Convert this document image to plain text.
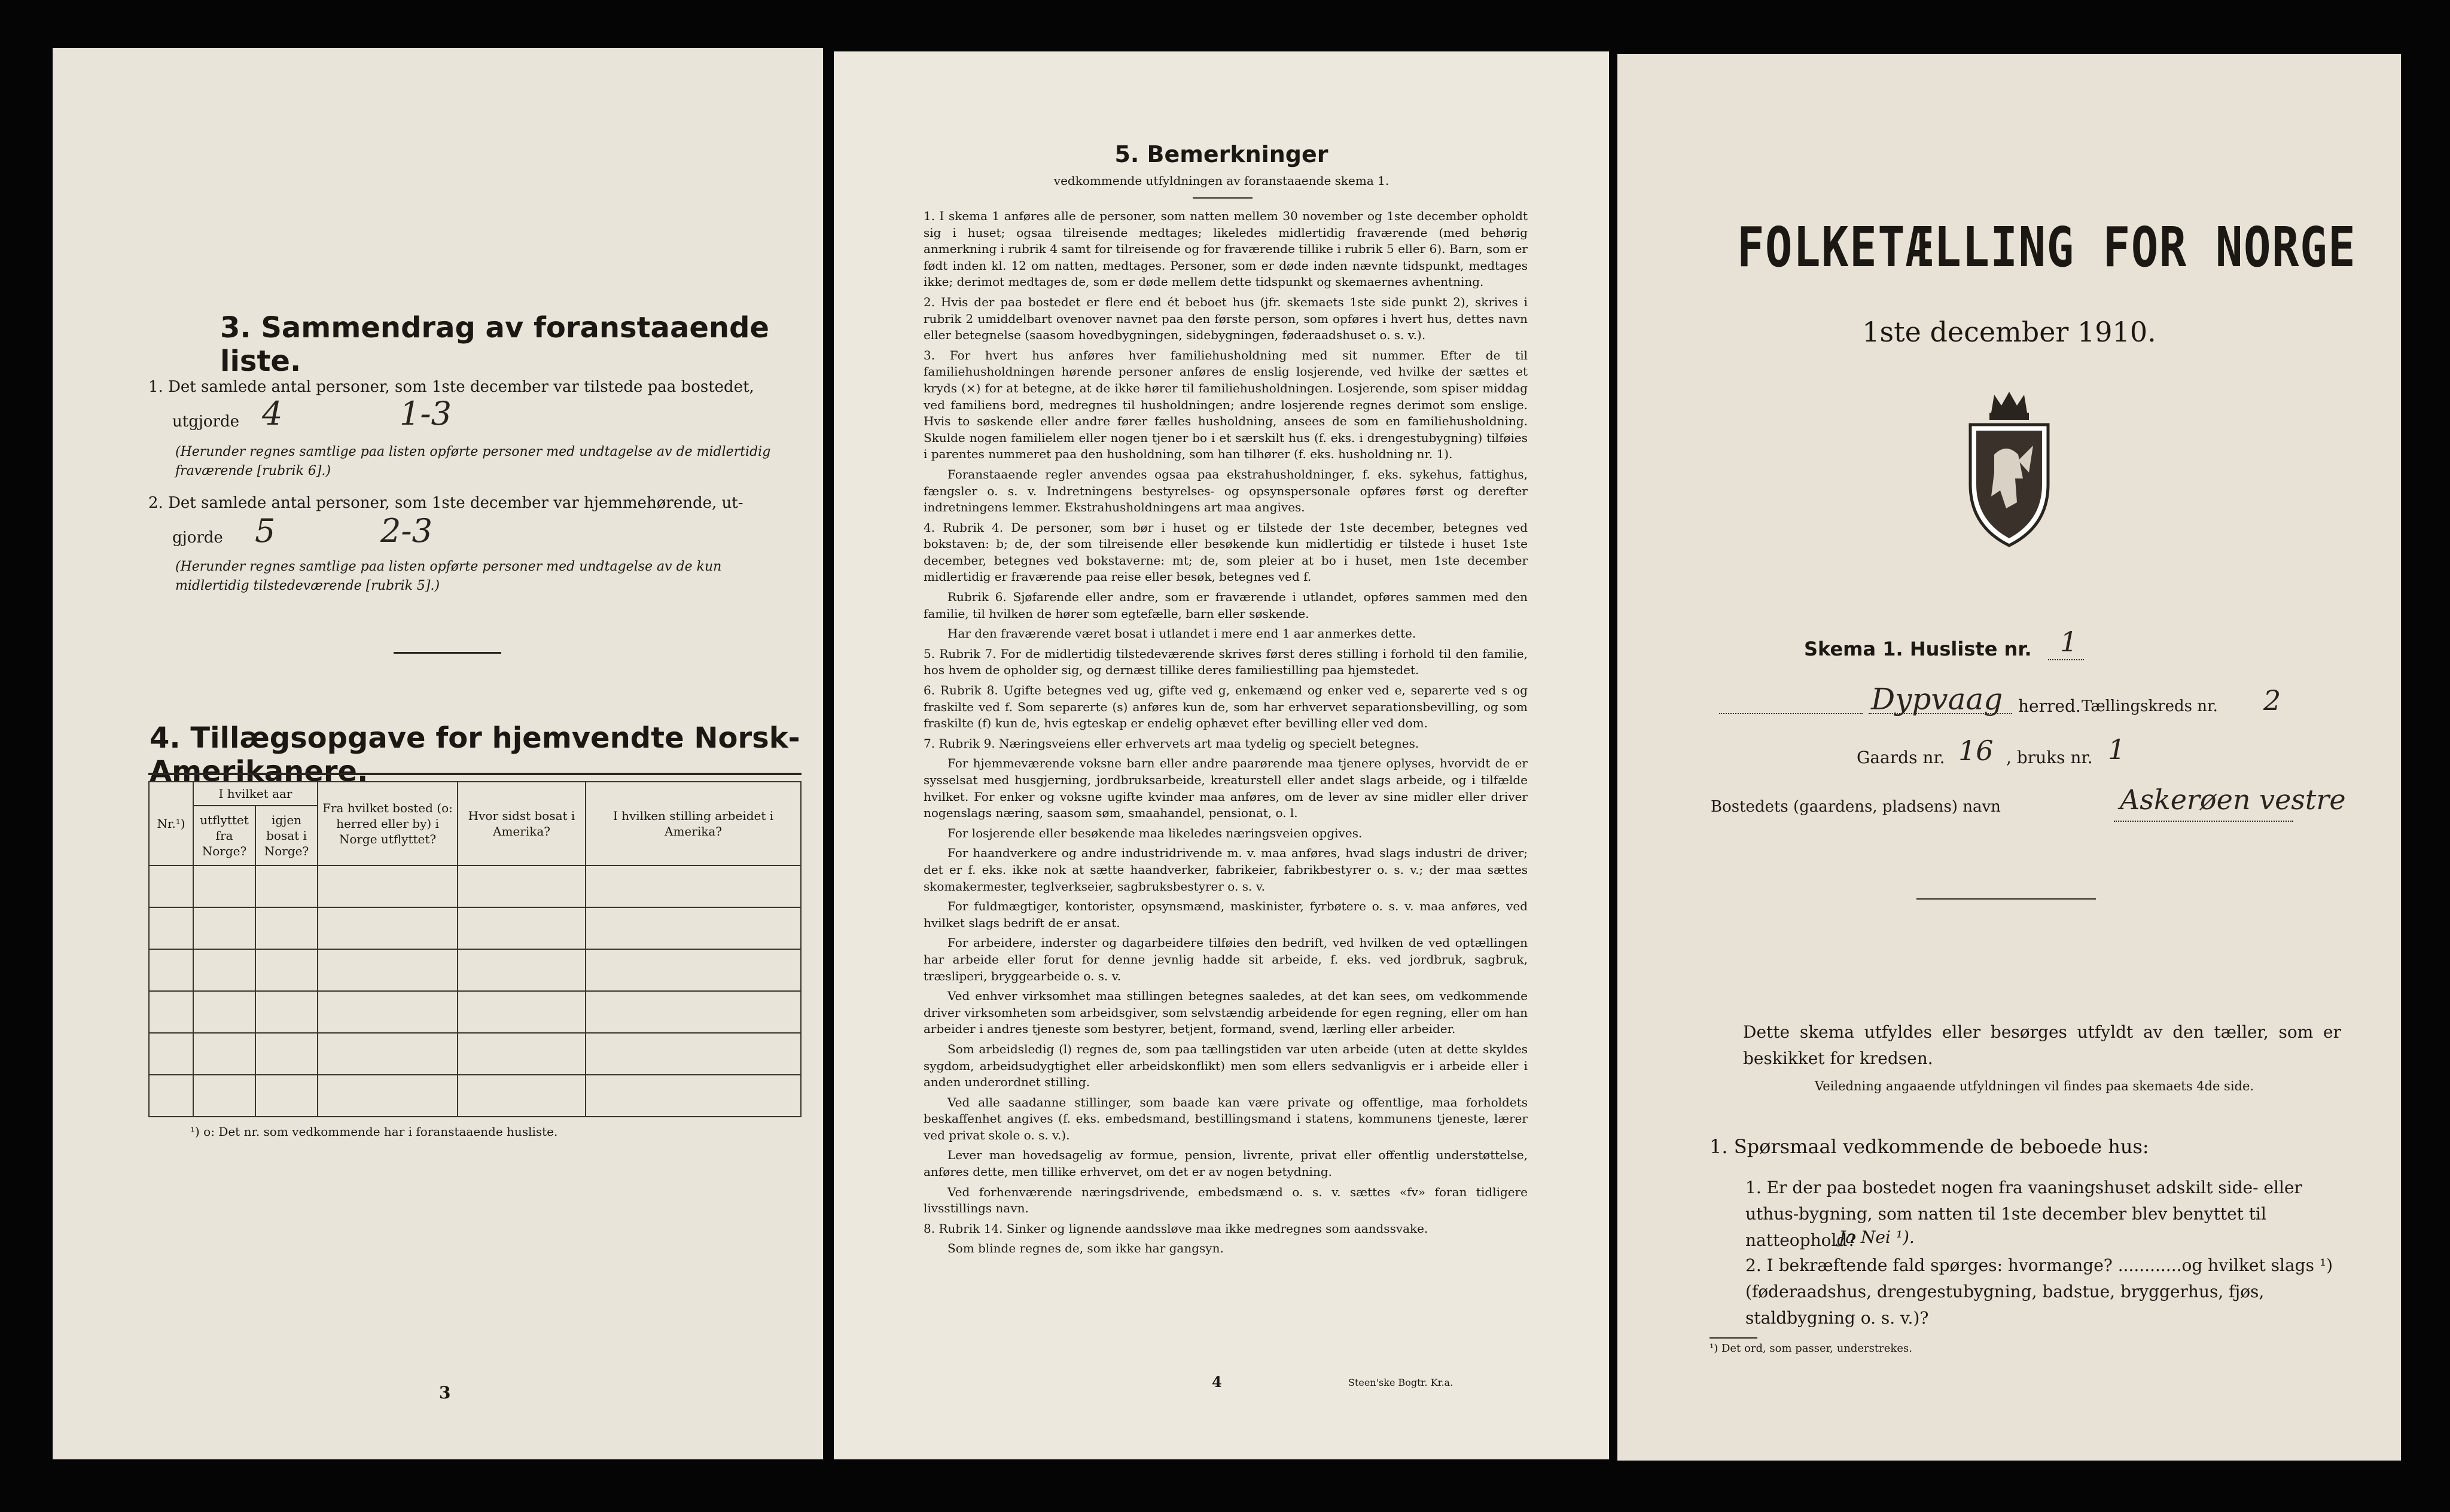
3. Sammendrag av foranstaaende liste.
1. Det samlede antal personer, som 1ste december var tilstede paa bostedet,
utgjorde 4	1-3
(Herunder regnes samtlige paa listen opførte personer med undtagelse av de midlertidig fraværende [rubrik 6].)
2. Det samlede antal personer, som 1ste december var hjemmehørende, ut-
gjorde 5	2-3
(Herunder regnes samtlige paa listen opførte personer med undtagelse av de kun midlertidig tilstedeværende [rubrik 5].)
4. Tillægsopgave for hjemvendte Norsk-Amerikanere.
Nr.¹)	I hvilket aar		Fra hvilket bosted (o: herred eller by) i Norge utflyttet?	Hvor sidst bosat i Amerika?	I hvilken stilling arbeidet i Amerika?
	utflyttet fra Norge?	igjen bosat i Norge?			

¹) o: Det nr. som vedkommende har i foranstaaende husliste.
3
5. Bemerkninger
vedkommende utfyldningen av foranstaaende skema 1.

1. I skema 1 anføres alle de personer, som natten mellem 30 november og 1ste december opholdt sig i huset; ogsaa tilreisende medtages; likeledes midlertidig fraværende (med behørig anmerkning i rubrik 4 samt for tilreisende og for fraværende tillike i rubrik 5 eller 6). Barn, som er født inden kl. 12 om natten, medtages. Personer, som er døde inden nævnte tidspunkt, medtages ikke; derimot medtages de, som er døde mellem dette tidspunkt og skemaernes avhentning.

2. Hvis der paa bostedet er flere end ét beboet hus (jfr. skemaets 1ste side punkt 2), skrives i rubrik 2 umiddelbart ovenover navnet paa den første person, som opføres i hvert hus, dettes navn eller betegnelse (saasom hovedbygningen, sidebygningen, føderaadshuset o. s. v.).

3. For hvert hus anføres hver familiehusholdning med sit nummer. Efter de til familiehusholdningen hørende personer anføres de enslig losjerende, ved hvilke der sættes et kryds (×) for at betegne, at de ikke hører til familiehusholdningen. Losjerende, som spiser middag ved familiens bord, medregnes til husholdningen; andre losjerende regnes derimot som enslige. Hvis to søskende eller andre fører fælles husholdning, ansees de som en familiehusholdning. Skulde nogen familielem eller nogen tjener bo i et særskilt hus (f. eks. i drengestubygning) tilføies i parentes nummeret paa den husholdning, som han tilhører (f. eks. husholdning nr. 1).

Foranstaaende regler anvendes ogsaa paa ekstrahusholdninger, f. eks. sykehus, fattighus, fængsler o. s. v. Indretningens bestyrelses- og opsynspersonale opføres først og derefter indretningens lemmer. Ekstrahusholdningens art maa angives.

4. Rubrik 4. De personer, som bør i huset og er tilstede der 1ste december, betegnes ved bokstaven: b; de, der som tilreisende eller besøkende kun midlertidig er tilstede i huset 1ste december, betegnes ved bokstaverne: mt; de, som pleier at bo i huset, men 1ste december midlertidig er fraværende paa reise eller besøk, betegnes ved f.

Rubrik 6. Sjøfarende eller andre, som er fraværende i utlandet, opføres sammen med den familie, til hvilken de hører som egtefælle, barn eller søskende.

Har den fraværende været bosat i utlandet i mere end 1 aar anmerkes dette.

5. Rubrik 7. For de midlertidig tilstedeværende skrives først deres stilling i forhold til den familie, hos hvem de opholder sig, og dernæst tillike deres familiestilling paa hjemstedet.

6. Rubrik 8. Ugifte betegnes ved ug, gifte ved g, enkemænd og enker ved e, separerte ved s og fraskilte ved f. Som separerte (s) anføres kun de, som har erhvervet separationsbevilling, og som fraskilte (f) kun de, hvis egteskap er endelig ophævet efter bevilling eller ved dom.

7. Rubrik 9. Næringsveiens eller erhvervets art maa tydelig og specielt betegnes.

For hjemmeværende voksne barn eller andre paarørende maa tjenere oplyses, hvorvidt de er sysselsat med husgjerning, jordbruksarbeide, kreaturstell eller andet slags arbeide, og i tilfælde hvilket. For enker og voksne ugifte kvinder maa anføres, om de lever av sine midler eller driver nogenslags næring, saasom søm, smaahandel, pensionat, o. l.

For losjerende eller besøkende maa likeledes næringsveien opgives.

For haandverkere og andre industridrivende m. v. maa anføres, hvad slags industri de driver; det er f. eks. ikke nok at sætte haandverker, fabrikeier, fabrikbestyrer o. s. v.; der maa sættes skomakermester, teglverkseier, sagbruksbestyrer o. s. v.

For fuldmægtiger, kontorister, opsynsmænd, maskinister, fyrbøtere o. s. v. maa anføres, ved hvilket slags bedrift de er ansat.

For arbeidere, inderster og dagarbeidere tilføies den bedrift, ved hvilken de ved optællingen har arbeide eller forut for denne jevnlig hadde sit arbeide, f. eks. ved jordbruk, sagbruk, træsliperi, bryggearbeide o. s. v.

Ved enhver virksomhet maa stillingen betegnes saaledes, at det kan sees, om vedkommende driver virksomheten som arbeidsgiver, som selvstændig arbeidende for egen regning, eller om han arbeider i andres tjeneste som bestyrer, betjent, formand, svend, lærling eller arbeider.

Som arbeidsledig (l) regnes de, som paa tællingstiden var uten arbeide (uten at dette skyldes sygdom, arbeidsudygtighet eller arbeidskonflikt) men som ellers sedvanligvis er i arbeide eller i anden underordnet stilling.

Ved alle saadanne stillinger, som baade kan være private og offentlige, maa forholdets beskaffenhet angives (f. eks. embedsmand, bestillingsmand i statens, kommunens tjeneste, lærer ved privat skole o. s. v.).

Lever man hovedsagelig av formue, pension, livrente, privat eller offentlig understøttelse, anføres dette, men tillike erhvervet, om det er av nogen betydning.

Ved forhenværende næringsdrivende, embedsmænd o. s. v. sættes «fv» foran tidligere livsstillings navn.

8. Rubrik 14. Sinker og lignende aandssløve maa ikke medregnes som aandssvake.

Som blinde regnes de, som ikke har gangsyn.

4	Steen'ske Bogtr. Kr.a.
FOLKETÆLLING FOR NORGE
1ste december 1910.
Skema 1. Husliste nr. 1
Dypvaag herred. Tællingskreds nr. 2
Gaards nr. 16 , bruks nr. 1
Bostedets (gaardens, pladsens) navn	Askerøen vestre
Dette skema utfyldes eller besørges utfyldt av den tæller, som er beskikket for kredsen.
Veiledning angaaende utfyldningen vil findes paa skemaets 4de side.
1. Spørsmaal vedkommende de beboede hus:
1. Er der paa bostedet nogen fra vaaningshuset adskilt side- eller uthus-bygning, som natten til 1ste december blev benyttet til natteophold?
Ja Nei ¹).
2. I bekræftende fald spørges: hvormange? ............og hvilket slags ¹) (føderaadshus, drengestubygning, badstue, bryggerhus, fjøs, staldbygning o. s. v.)?
¹) Det ord, som passer, understrekes.
